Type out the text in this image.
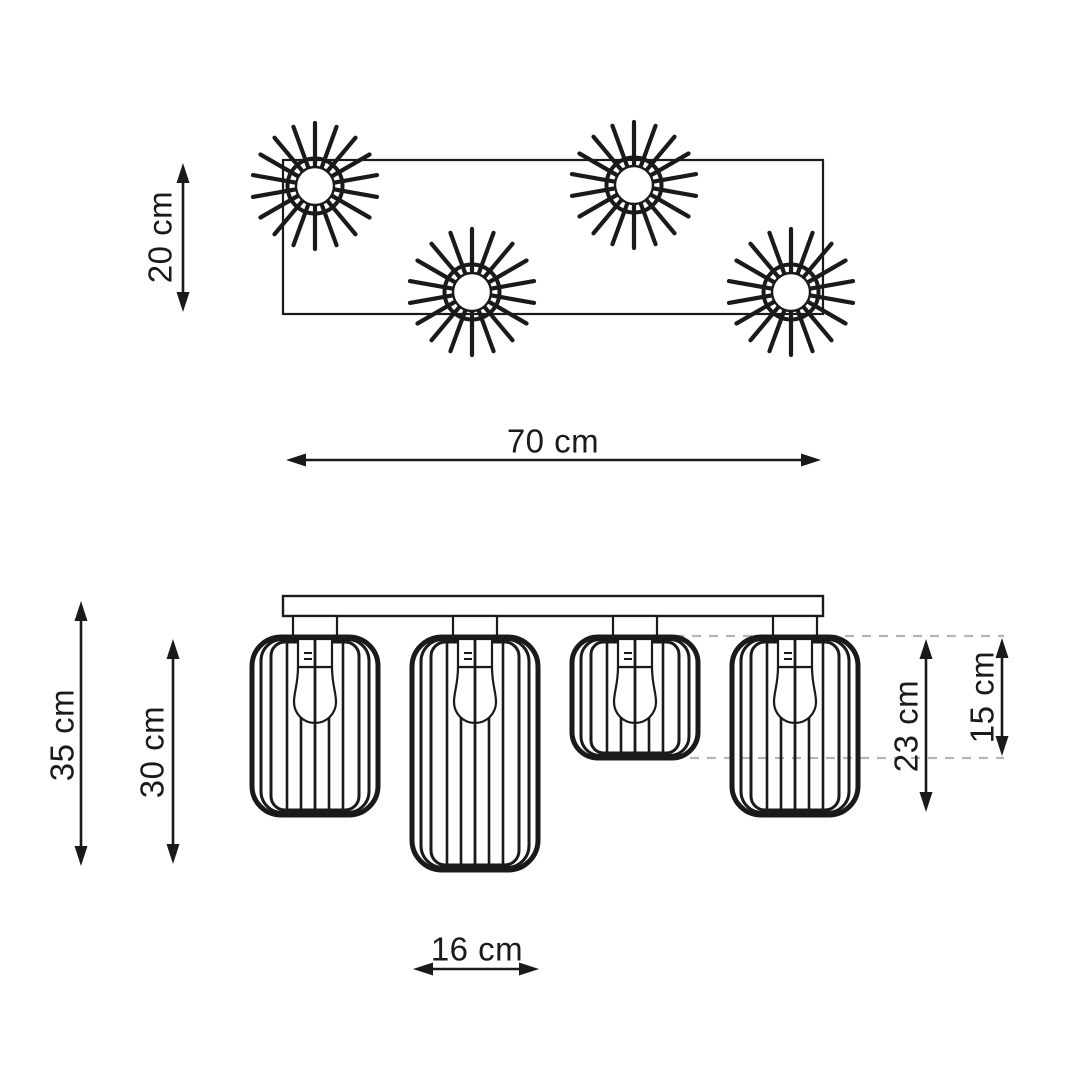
20 cm
70 cm
35 cm 30 cm	23 cm 15 cm
16 cm
